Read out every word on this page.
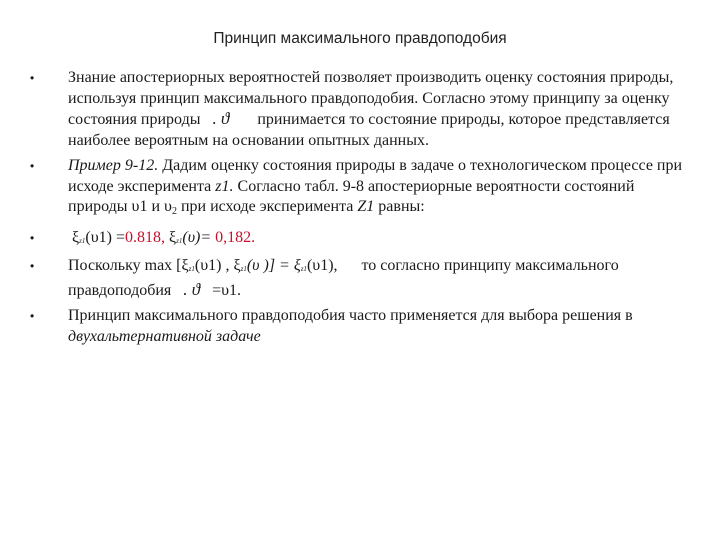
Принцип максимального правдоподобия
• Знание апостериорных вероятностей позволяет производить оценку состояния природы, используя принцип максимального правдоподобия. Согласно этому принципу за оценку состояния природы . ϑ принимается то состояние природы, которое представляется наиболее вероятным на основании опытных данных.
• Пример 9-12. Дадим оценку состояния природы в задаче о технологическом процессе при исходе эксперимента z1. Согласно табл. 9-8 апостериорные вероятности состояний природы υ1 и $\upsilon_2$ при исходе эксперимента Z1 равны:
• ξz1(υ1) =0.818, ξz1(υ)= 0,182.
• Поскольку max [ξz1(υ1) , ξz1(υ )] = ξz1(υ1), то согласно принципу максимального правдоподобия . ϑ =υ1.
• Принцип максимального правдоподобия часто применяется для выбора решения в двухальтернативной задаче
